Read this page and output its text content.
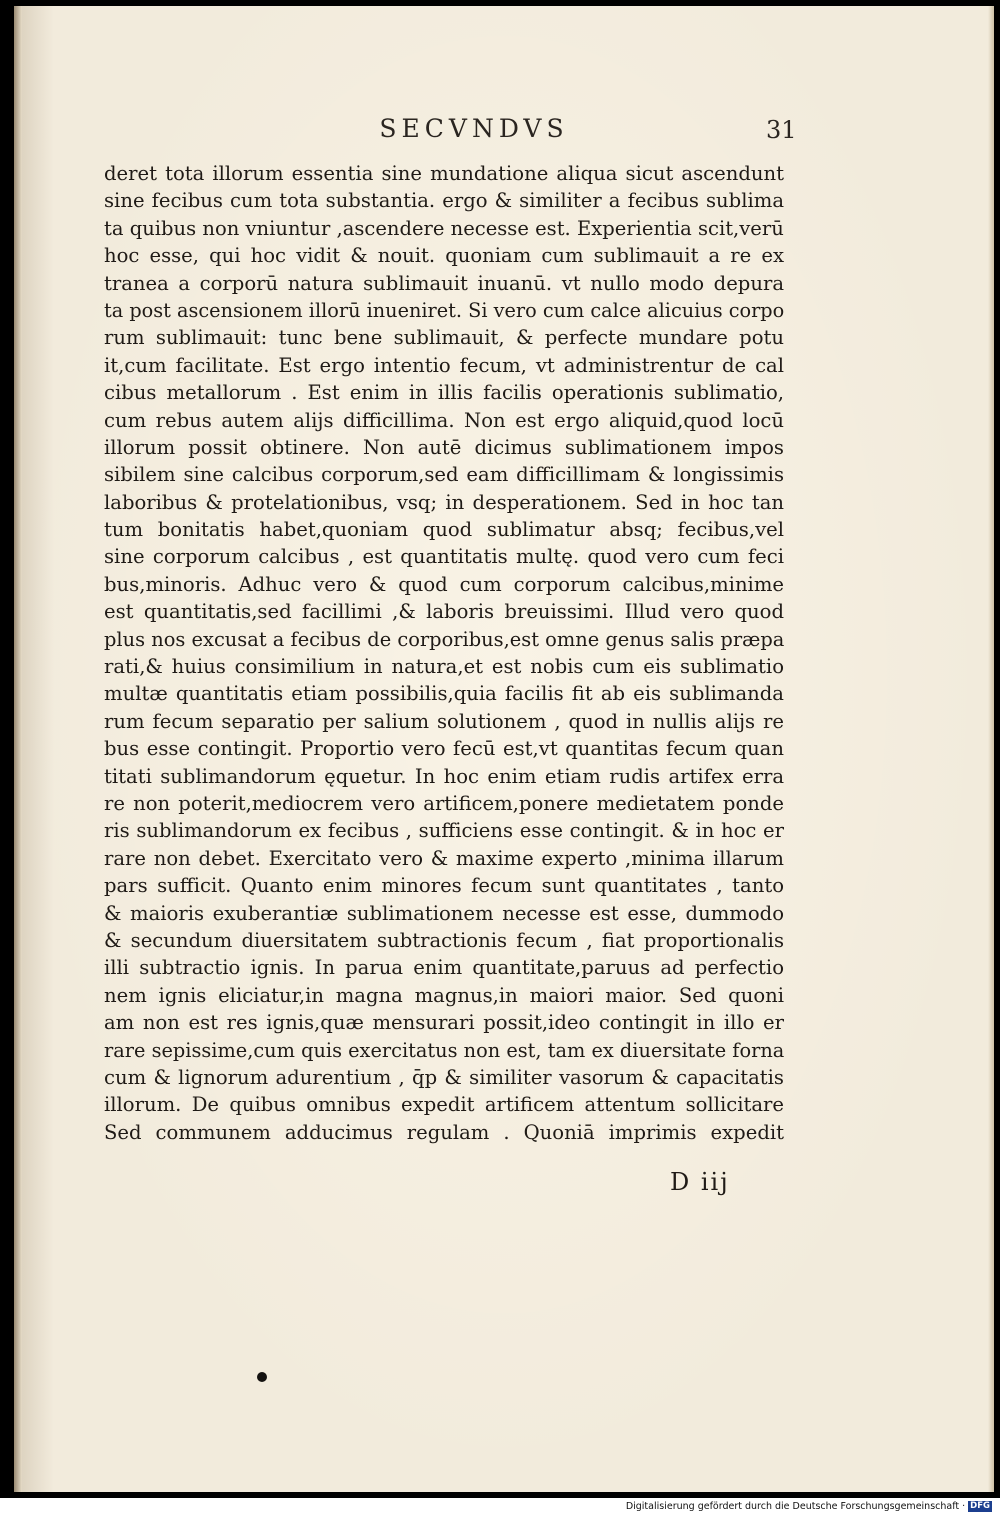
SECVNDVS	31
deret tota illorum essentia sine mundatione aliqua sicut ascendunt
sine fecibus cum tota substantia. ergo & similiter a fecibus sublima
ta quibus non vniuntur ,ascendere necesse est. Experientia scit,verū
hoc esse, qui hoc vidit & nouit. quoniam cum sublimauit a re ex
tranea a corporū natura sublimauit inuanū. vt nullo modo depura
ta post ascensionem illorū inueniret. Si vero cum calce alicuius corpo
rum sublimauit: tunc bene sublimauit, & perfecte mundare potu
it,cum facilitate. Est ergo intentio fecum, vt administrentur de cal
cibus metallorum . Est enim in illis facilis operationis sublimatio,
cum rebus autem alijs difficillima. Non est ergo aliquid,quod locū
illorum possit obtinere. Non autē dicimus sublimationem impos
sibilem sine calcibus corporum,sed eam difficillimam & longissimis
laboribus & protelationibus, vsq; in desperationem. Sed in hoc tan
tum bonitatis habet,quoniam quod sublimatur absq; fecibus,vel
sine corporum calcibus , est quantitatis multę. quod vero cum feci
bus,minoris. Adhuc vero & quod cum corporum calcibus,minime
est quantitatis,sed facillimi ,& laboris breuissimi. Illud vero quod
plus nos excusat a fecibus de corporibus,est omne genus salis præpa
rati,& huius consimilium in natura,et est nobis cum eis sublimatio
multæ quantitatis etiam possibilis,quia facilis fit ab eis sublimanda
rum fecum separatio per salium solutionem , quod in nullis alijs re
bus esse contingit. Proportio vero fecū est,vt quantitas fecum quan
titati sublimandorum ęquetur. In hoc enim etiam rudis artifex erra
re non poterit,mediocrem vero artificem,ponere medietatem ponde
ris sublimandorum ex fecibus , sufficiens esse contingit. & in hoc er
rare non debet. Exercitato vero & maxime experto ,minima illarum
pars sufficit. Quanto enim minores fecum sunt quantitates , tanto
& maioris exuberantiæ sublimationem necesse est esse, dummodo
& secundum diuersitatem subtractionis fecum , fiat proportionalis
illi subtractio ignis. In parua enim quantitate,paruus ad perfectio
nem ignis eliciatur,in magna magnus,in maiori maior. Sed quoni
am non est res ignis,quæ mensurari possit,ideo contingit in illo er
rare sepissime,cum quis exercitatus non est, tam ex diuersitate forna
cum & lignorum adurentium , q̄p & similiter vasorum & capacitatis
illorum. De quibus omnibus expedit artificem attentum sollicitare
Sed communem adducimus regulam . Quoniā imprimis expedit
D iij
Digitalisierung gefördert durch die Deutsche Forschungsgemeinschaft · DFG
